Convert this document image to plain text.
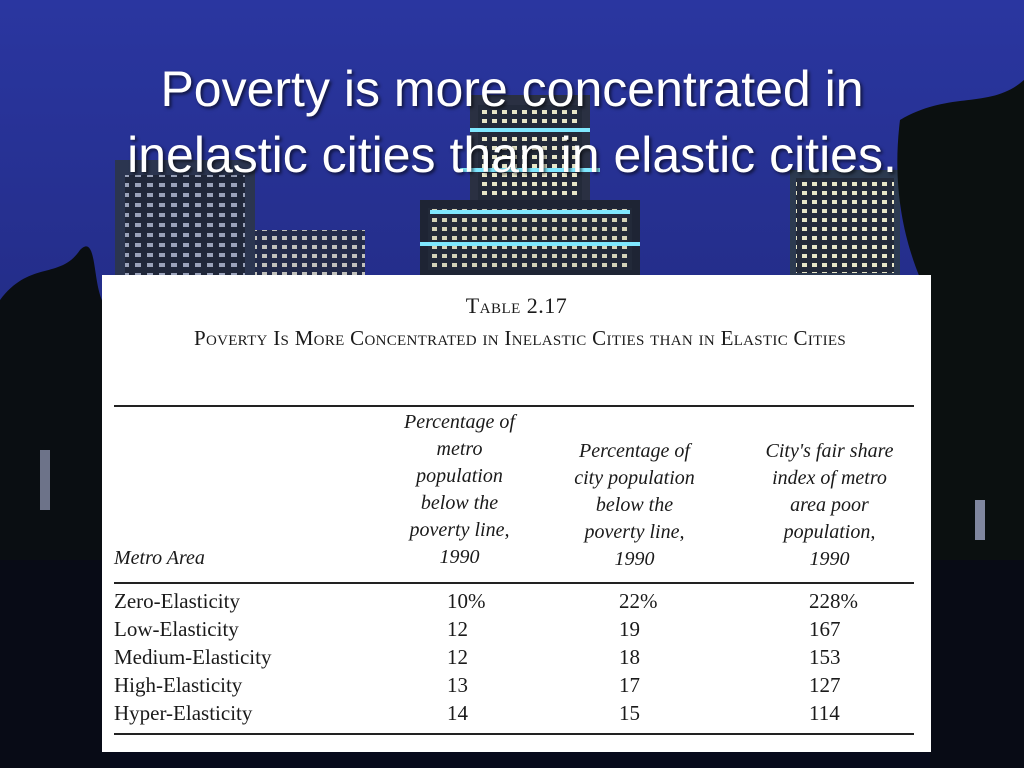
Poverty is more concentrated in
inelastic cities than in elastic cities.
Table 2.17
Poverty Is More Concentrated in Inelastic Cities than in Elastic Cities
Metro Area
Percentage of
metro
population
below the
poverty line,
1990
Percentage of
city population
below the
poverty line,
1990
City's fair share
index of metro
area poor
population,
1990
Zero-Elasticity	10%	22%	228%
Low-Elasticity	12	19	167
Medium-Elasticity	12	18	153
High-Elasticity	13	17	127
Hyper-Elasticity	14	15	114
